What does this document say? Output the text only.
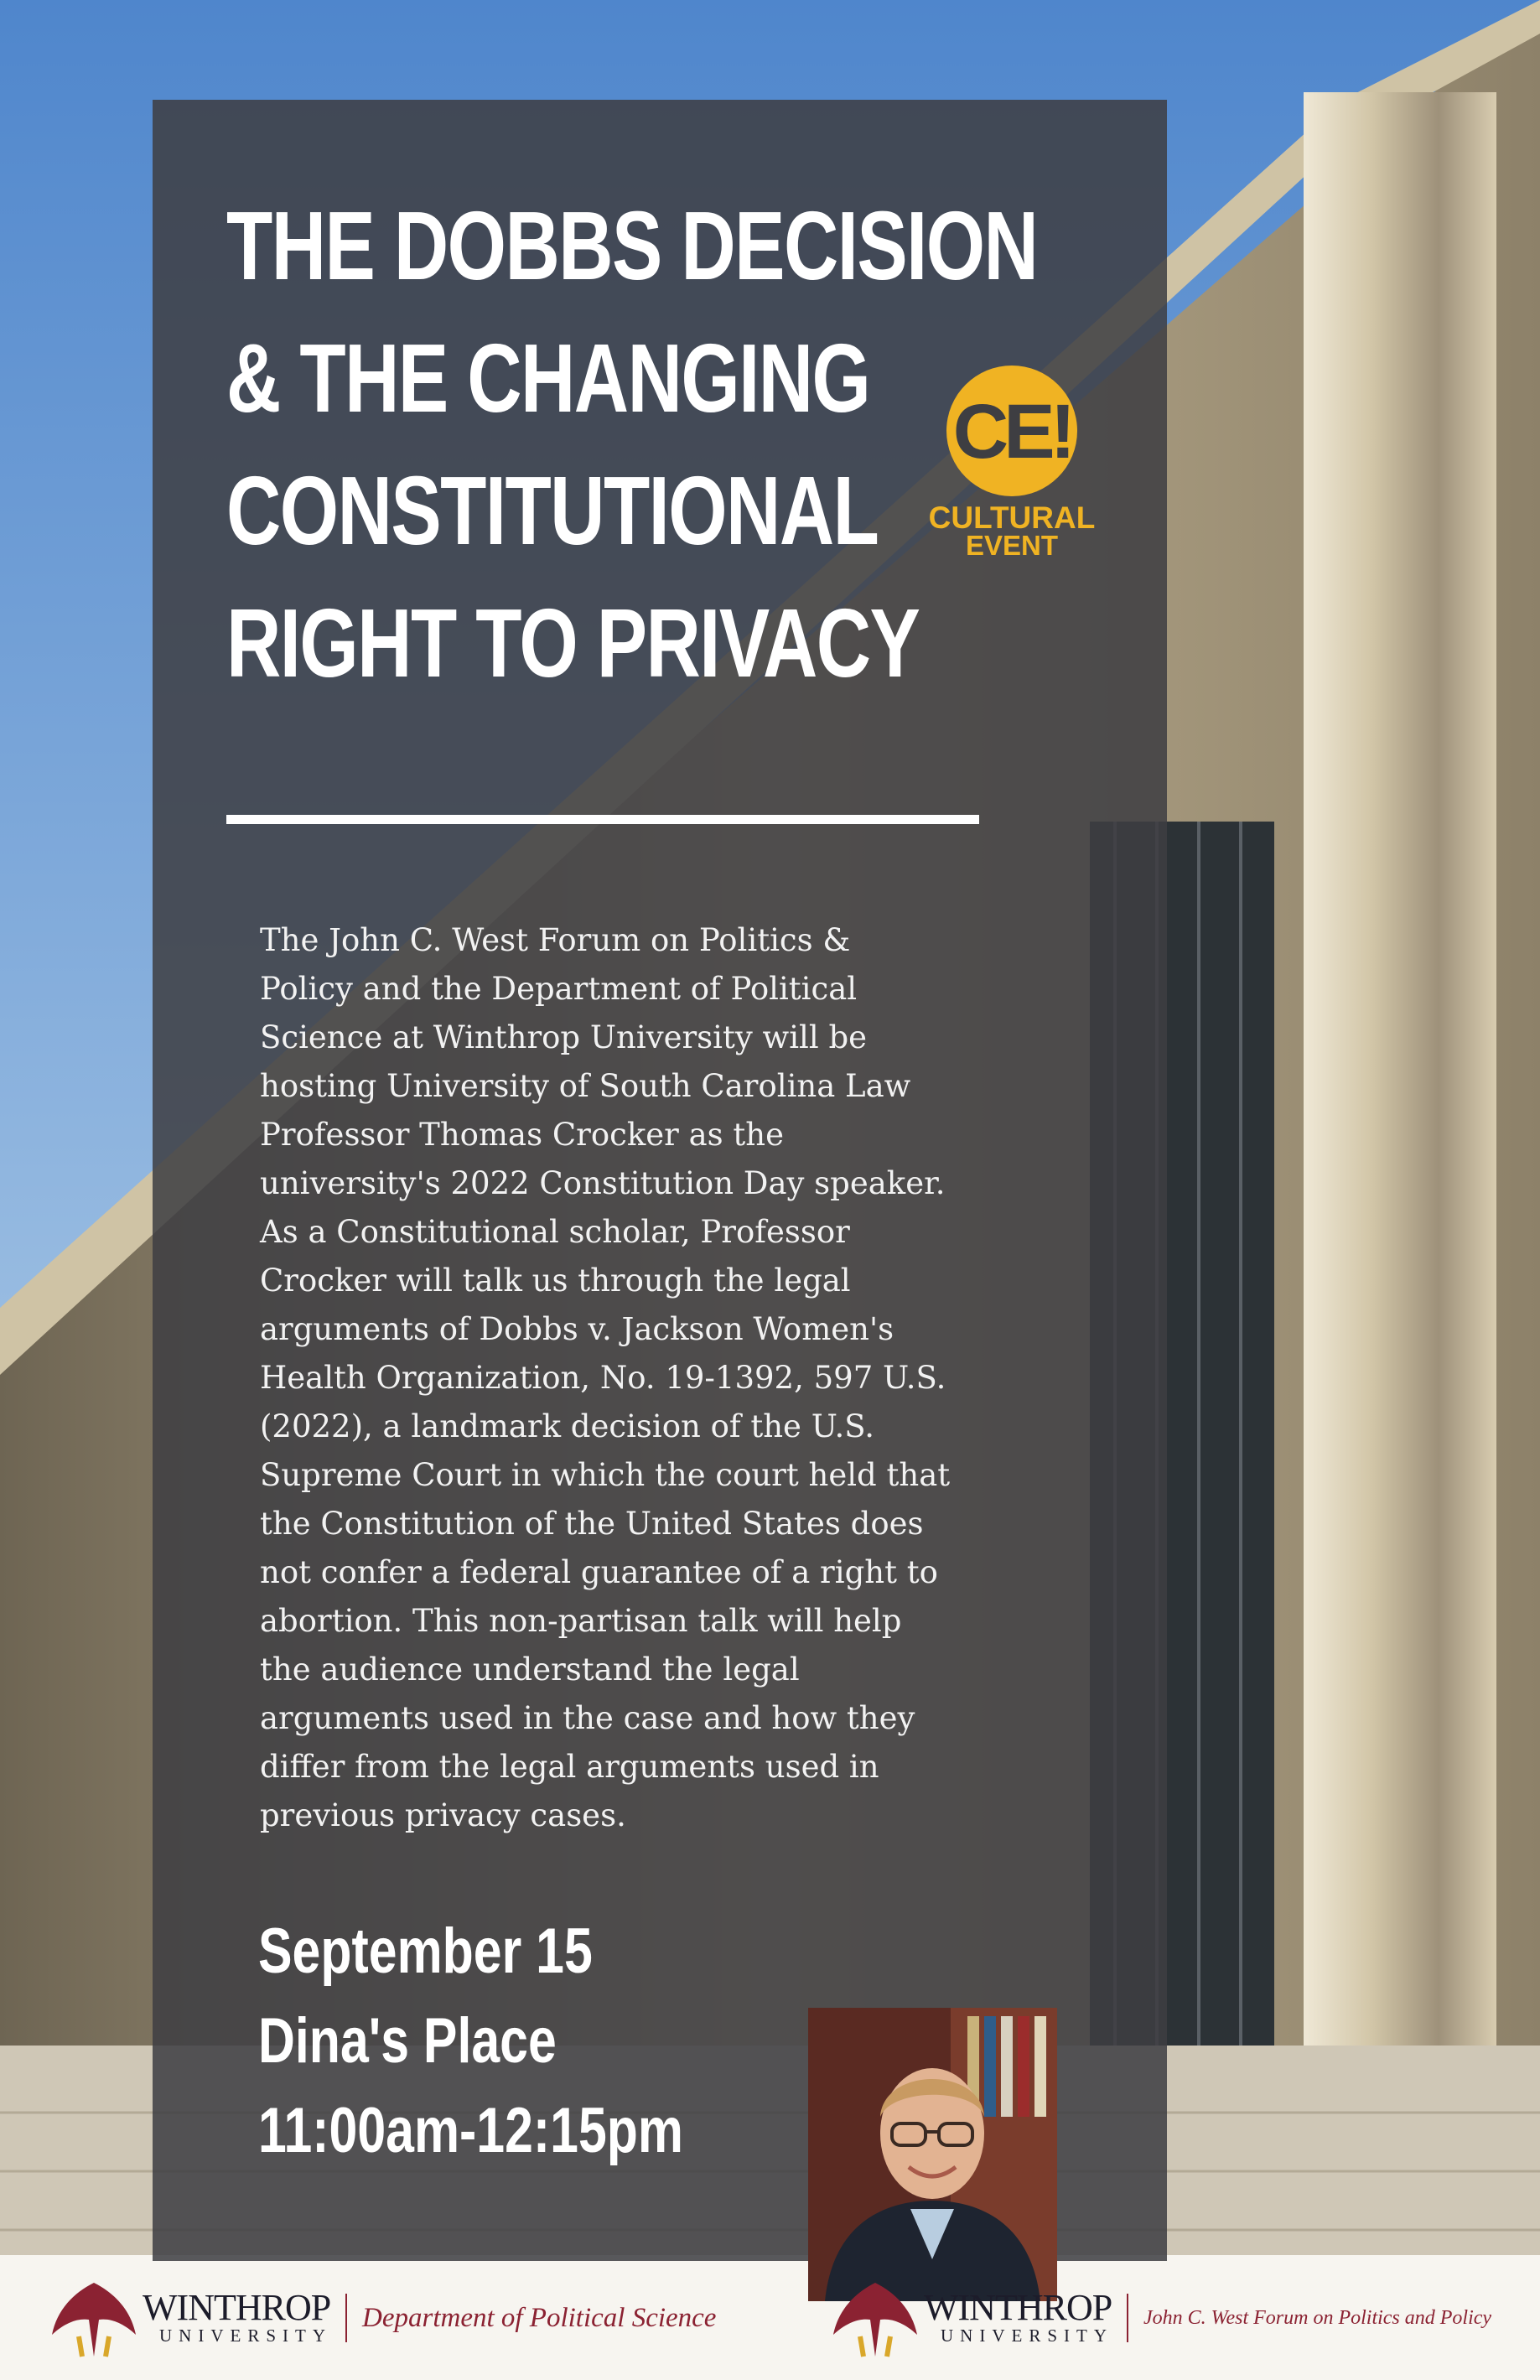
THE DOBBS DECISION
& THE CHANGING
CONSTITUTIONAL
RIGHT TO PRIVACY
CE!
CULTURAL
EVENT

The John C. West Forum on Politics &
Policy and the Department of Political
Science at Winthrop University will be
hosting University of South Carolina Law
Professor Thomas Crocker as the
university's 2022 Constitution Day speaker.
As a Constitutional scholar, Professor
Crocker will talk us through the legal
arguments of Dobbs v. Jackson Women's
Health Organization, No. 19-1392, 597 U.S.
(2022), a landmark decision of the U.S.
Supreme Court in which the court held that
the Constitution of the United States does
not confer a federal guarantee of a right to
abortion. This non-partisan talk will help
the audience understand the legal
arguments used in the case and how they
differ from the legal arguments used in
previous privacy cases.

September 15
Dina's Place
11:00am-12:15pm
WINTHROP
UNIVERSITY
Department of Political Science	WINTHROP
UNIVERSITY
John C. West Forum on Politics and Policy
